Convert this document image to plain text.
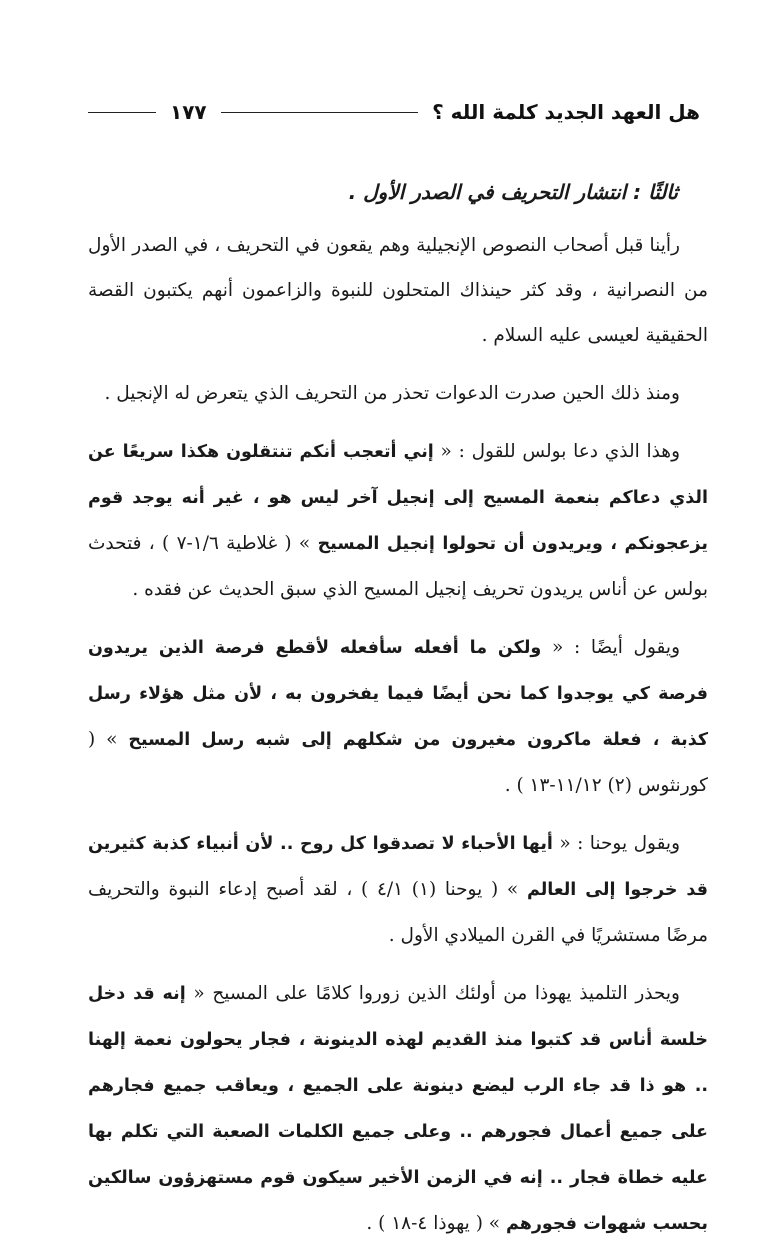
هل العهد الجديد كلمة الله ؟
١٧٧
ثالثًا : انتشار التحريف في الصدر الأول .

رأينا قبل أصحاب النصوص الإنجيلية وهم يقعون في التحريف ، في الصدر الأول من النصرانية ، وقد كثر حينذاك المتحلون للنبوة والزاعمون أنهم يكتبون القصة الحقيقية لعيسى عليه السلام .

ومنذ ذلك الحين صدرت الدعوات تحذر من التحريف الذي يتعرض له الإنجيل .

وهذا الذي دعا بولس للقول : « إني أتعجب أنكم تنتقلون هكذا سريعًا عن الذي دعاكم بنعمة المسيح إلى إنجيل آخر ليس هو ، غير أنه يوجد قوم يزعجونكم ، ويريدون أن تحولوا إنجيل المسيح » ( غلاطية ١/٦-٧ ) ، فتحدث بولس عن أناس يريدون تحريف إنجيل المسيح الذي سبق الحديث عن فقده .

ويقول أيضًا : « ولكن ما أفعله سأفعله لأقطع فرصة الذين يريدون فرصة كي يوجدوا كما نحن أيضًا فيما يفخرون به ، لأن مثل هؤلاء رسل كذبة ، فعلة ماكرون مغيرون من شكلهم إلى شبه رسل المسيح » ( كورنثوس (٢) ١١/١٢-١٣ ) .

ويقول يوحنا : « أيها الأحباء لا تصدقوا كل روح .. لأن أنبياء كذبة كثيرين قد خرجوا إلى العالم » ( يوحنا (١) ٤/١ ) ، لقد أصبح إدعاء النبوة والتحريف مرضًا مستشريًا في القرن الميلادي الأول .

ويحذر التلميذ يهوذا من أولئك الذين زوروا كلامًا على المسيح « إنه قد دخل خلسة أناس قد كتبوا منذ القديم لهذه الدينونة ، فجار يحولون نعمة إلهنا .. هو ذا قد جاء الرب ليضع دينونة على الجميع ، ويعاقب جميع فجارهم على جميع أعمال فجورهم .. وعلى جميع الكلمات الصعبة التي تكلم بها عليه خطاة فجار .. إنه في الزمن الأخير سيكون قوم مستهزؤون سالكين بحسب شهوات فجورهم » ( يهوذا ٤-١٨ ) .
